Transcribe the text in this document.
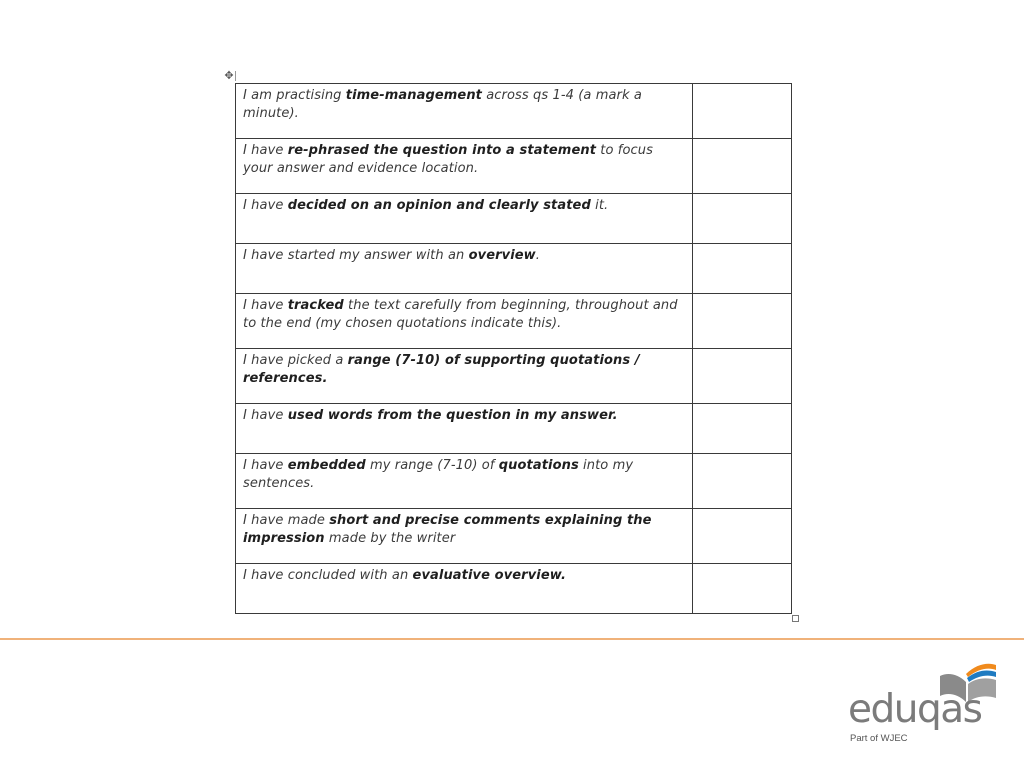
✥
I am practising time-management across qs 1-4 (a mark a minute).	
I have re-phrased the question into a statement to focus your answer and evidence location.	
I have decided on an opinion and clearly stated it.	
I have started my answer with an overview.	
I have tracked the text carefully from beginning, throughout and to the end (my chosen quotations indicate this).	
I have picked a range (7-10) of supporting quotations / references.	
I have used words from the question in my answer.	
I have embedded my range (7-10) of quotations into my sentences.	
I have made short and precise comments explaining the impression made by the writer	
I have concluded with an evaluative overview.	
eduqas
Part of WJEC
